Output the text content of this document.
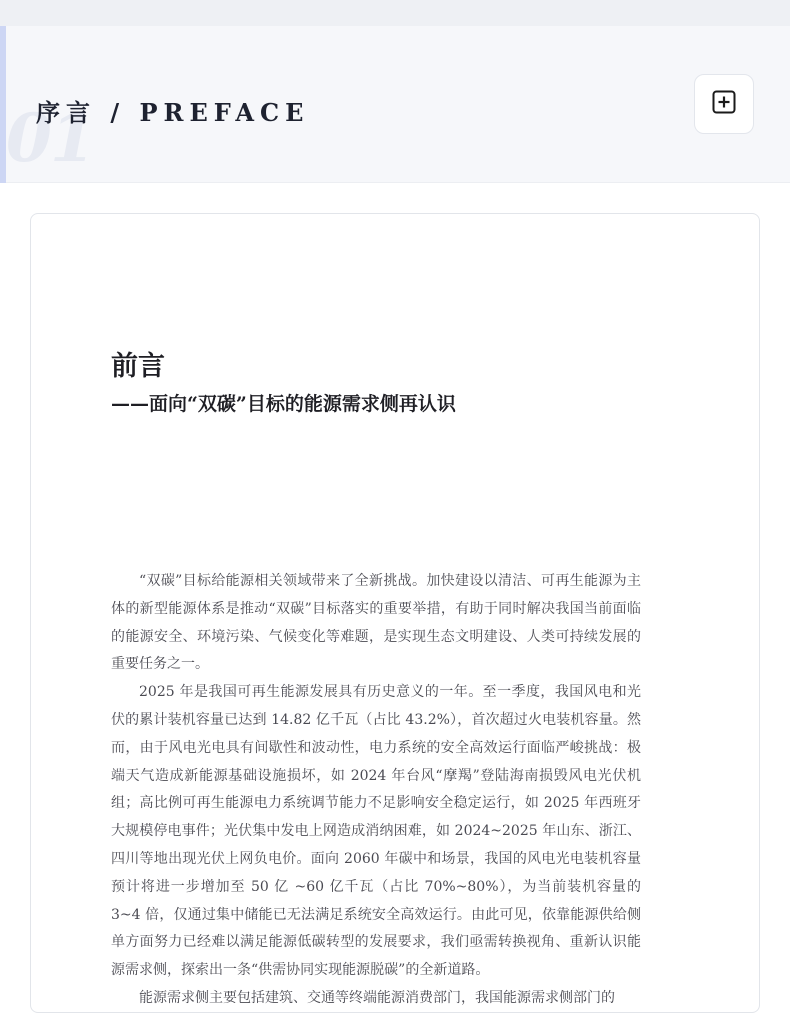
01
序言 / PREFACE
前言
——面向“双碳”目标的能源需求侧再认识

“双碳”目标给能源相关领域带来了全新挑战。加快建设以清洁、可再生能源为主体的新型能源体系是推动“双碳”目标落实的重要举措，有助于同时解决我国当前面临的能源安全、环境污染、气候变化等难题，是实现生态文明建设、人类可持续发展的重要任务之一。

2025 年是我国可再生能源发展具有历史意义的一年。至一季度，我国风电和光伏的累计装机容量已达到 14.82 亿千瓦（占比 43.2%），首次超过火电装机容量。然而，由于风电光电具有间歇性和波动性，电力系统的安全高效运行面临严峻挑战：极端天气造成新能源基础设施损坏，如 2024 年台风“摩羯”登陆海南损毁风电光伏机组；高比例可再生能源电力系统调节能力不足影响安全稳定运行，如 2025 年西班牙大规模停电事件；光伏集中发电上网造成消纳困难，如 2024~2025 年山东、浙江、四川等地出现光伏上网负电价。面向 2060 年碳中和场景，我国的风电光电装机容量预计将进一步增加至 50 亿 ~60 亿千瓦（占比 70%~80%），为当前装机容量的 3~4 倍，仅通过集中储能已无法满足系统安全高效运行。由此可见，依靠能源供给侧单方面努力已经难以满足能源低碳转型的发展要求，我们亟需转换视角、重新认识能源需求侧，探索出一条“供需协同实现能源脱碳”的全新道路。

能源需求侧主要包括建筑、交通等终端能源消费部门，我国能源需求侧部门的
